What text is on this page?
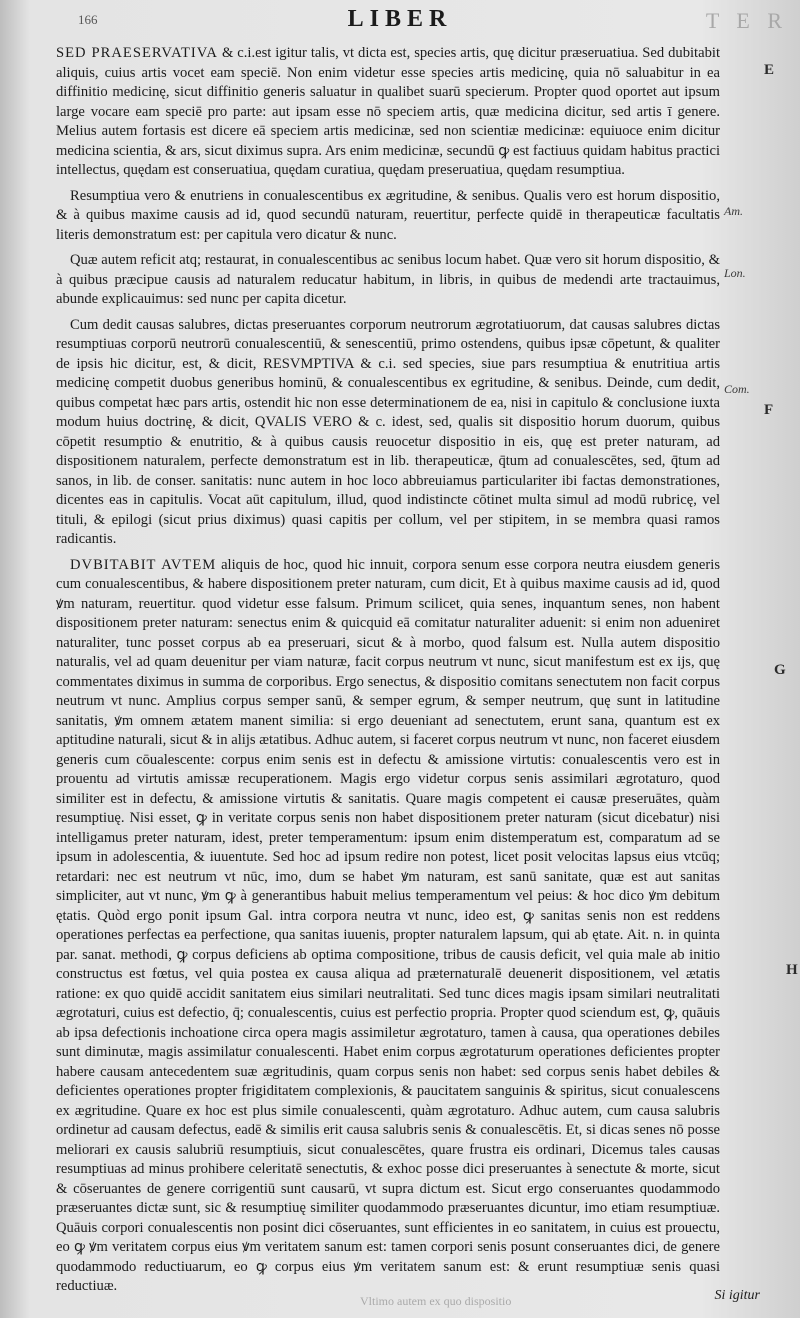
166	LIBER	T E R

SED PRAESERVATIVA & c.i.est igitur talis, vt dicta est, species artis, quę dicitur præseruatiua. Sed dubitabit aliquis, cuius artis vocet eam speciē. Non enim videtur esse species artis medicinę, quia nō saluabitur in ea diffinitio medicinę, sicut diffinitio generis saluatur in qualibet suarū specierum. Propter quod oportet aut ipsum large vocare eam speciē pro parte: aut ipsam esse nō speciem artis, quæ medicina dicitur, sed artis ī genere. Melius autem fortasis est dicere eā speciem artis medicinæ, sed non scientiæ medicinæ: equiuoce enim dicitur medicina scientia, & ars, sicut diximus supra. Ars enim medicinæ, secundū ꝙ est factiuus quidam habitus practici intellectus, quędam est conseruatiua, quędam curatiua, quędam preseruatiua, quędam resumptiua.

Resumptiua vero & enutriens in conualescentibus ex ægritudine, & senibus. Qualis vero est horum dispositio, & à quibus maxime causis ad id, quod secundū naturam, reuertitur, perfecte quidē in therapeuticæ facultatis literis demonstratum est: per capitula vero dicatur & nunc.

Quæ autem reficit atq; restaurat, in conualescentibus ac senibus locum habet. Quæ vero sit horum dispositio, & à quibus præcipue causis ad naturalem reducatur habitum, in libris, in quibus de medendi arte tractauimus, abunde explicauimus: sed nunc per capita dicetur.

Cum dedit causas salubres, dictas preseruantes corporum neutrorum ægrotatiuorum, dat causas salubres dictas resumptiuas corporū neutrorū conualescentiū, & senescentiū, primo ostendens, quibus ipsæ cōpetunt, & qualiter de ipsis hic dicitur, est, & dicit, RESVMPTIVA & c.i. sed species, siue pars resumptiua & enutritiua artis medicinę competit duobus generibus hominū, & conualescentibus ex egritudine, & senibus. Deinde, cum dedit, quibus competat hæc pars artis, ostendit hic non esse determinationem de ea, nisi in capitulo & conclusione iuxta modum huius doctrinę, & dicit, QVALIS VERO & c. idest, sed, qualis sit dispositio horum duorum, quibus cōpetit resumptio & enutritio, & à quibus causis reuocetur dispositio in eis, quę est preter naturam, ad dispositionem naturalem, perfecte demonstratum est in lib. therapeuticæ, q̄tum ad conualescētes, sed, q̄tum ad sanos, in lib. de conser. sanitatis: nunc autem in hoc loco abbreuiamus particulariter ibi factas demonstrationes, dicentes eas in capitulis. Vocat aūt capitulum, illud, quod indistincte cōtinet multa simul ad modū rubricę, vel tituli, & epilogi (sicut prius diximus) quasi capitis per collum, vel per stipitem, in se membra quasi ramos radicantis.

DVBITABIT AVTEM aliquis de hoc, quod hic innuit, corpora senum esse corpora neutra eiusdem generis cum conualescentibus, & habere dispositionem preter naturam, cum dicit, Et à quibus maxime causis ad id, quod ꝟm naturam, reuertitur. quod videtur esse falsum. Primum scilicet, quia senes, inquantum senes, non habent dispositionem preter naturam: senectus enim & quicquid eā comitatur naturaliter aduenit: si enim non adueniret naturaliter, tunc posset corpus ab ea preseruari, sicut & à morbo, quod falsum est. Nulla autem dispositio naturalis, vel ad quam deuenitur per viam naturæ, facit corpus neutrum vt nunc, sicut manifestum est ex ijs, quę commentates diximus in summa de corporibus. Ergo senectus, & dispositio comitans senectutem non facit corpus neutrum vt nunc. Amplius corpus semper sanū, & semper egrum, & semper neutrum, quę sunt in latitudine sanitatis, ꝟm omnem ætatem manent similia: si ergo deueniant ad senectutem, erunt sana, quantum est ex aptitudine naturali, sicut & in alijs ætatibus. Adhuc autem, si faceret corpus neutrum vt nunc, non faceret eiusdem generis cum cōualescente: corpus enim senis est in defectu & amissione virtutis: conualescentis vero est in prouentu ad virtutis amissæ recuperationem. Magis ergo videtur corpus senis assimilari ægrotaturo, quod similiter est in defectu, & amissione virtutis & sanitatis. Quare magis competent ei causæ preseruātes, quàm resumptiuę. Nisi esset, ꝙ in veritate corpus senis non habet dispositionem preter naturam (sicut dicebatur) nisi intelligamus preter naturam, idest, preter temperamentum: ipsum enim distemperatum est, comparatum ad se ipsum in adolescentia, & iuuentute. Sed hoc ad ipsum redire non potest, licet posit velocitas lapsus eius vtcūq; retardari: nec est neutrum vt nūc, imo, dum se habet ꝟm naturam, est sanū sanitate, quæ est aut sanitas simpliciter, aut vt nunc, ꝟm ꝙ à generantibus habuit melius temperamentum vel peius: & hoc dico ꝟm debitum ętatis. Quòd ergo ponit ipsum Gal. intra corpora neutra vt nunc, ideo est, ꝙ sanitas senis non est reddens operationes perfectas ea perfectione, qua sanitas iuuenis, propter naturalem lapsum, qui ab ętate. Ait. n. in quinta par. sanat. methodi, ꝙ corpus deficiens ab optima compositione, tribus de causis deficit, vel quia male ab initio constructus est fœtus, vel quia postea ex causa aliqua ad præternaturalē deuenerit dispositionem, vel ætatis ratione: ex quo quidē accidit sanitatem eius similari neutralitati. Sed tunc dices magis ipsam similari neutralitati ægrotaturi, cuius est defectio, q̄; conualescentis, cuius est perfectio propria. Propter quod sciendum est, ꝙ, quāuis ab ipsa defectionis inchoatione circa opera magis assimiletur ægrotaturo, tamen à causa, qua operationes debiles sunt diminutæ, magis assimilatur conualescenti. Habet enim corpus ægrotaturum operationes deficientes propter habere causam antecedentem suæ ægritudinis, quam corpus senis non habet: sed corpus senis habet debiles & deficientes operationes propter frigiditatem complexionis, & paucitatem sanguinis & spiritus, sicut conualescens ex ægritudine. Quare ex hoc est plus simile conualescenti, quàm ægrotaturo. Adhuc autem, cum causa salubris ordinetur ad causam defectus, eadē & similis erit causa salubris senis & conualescētis. Et, si dicas senes nō posse meliorari ex causis salubriū resumptiuis, sicut conualescētes, quare frustra eis ordinari, Dicemus tales causas resumptiuas ad minus prohibere celeritatē senectutis, & exhoc posse dici preseruantes à senectute & morte, sicut & cōseruantes de genere corrigentiū sunt causarū, vt supra dictum est. Sicut ergo conseruantes quodammodo præseruantes dictæ sunt, sic & resumptiuę similiter quodammodo præseruantes dicuntur, imo etiam resumptiuæ. Quāuis corpori conualescentis non posint dici cōseruantes, sunt efficientes in eo sanitatem, in cuius est prouectu, eo ꝙ ꝟm veritatem corpus eius ꝟm veritatem sanum est: tamen corpori senis posunt conseruantes dici, de genere quodammodo reductiuarum, eo ꝙ corpus eius ꝟm veritatem sanum est: & erunt resumptiuæ senis quasi reductiuæ.

E
Am.
Lon.
Com.
F
G
H
Vltimo autem ex quo dispositio	Si igitur
